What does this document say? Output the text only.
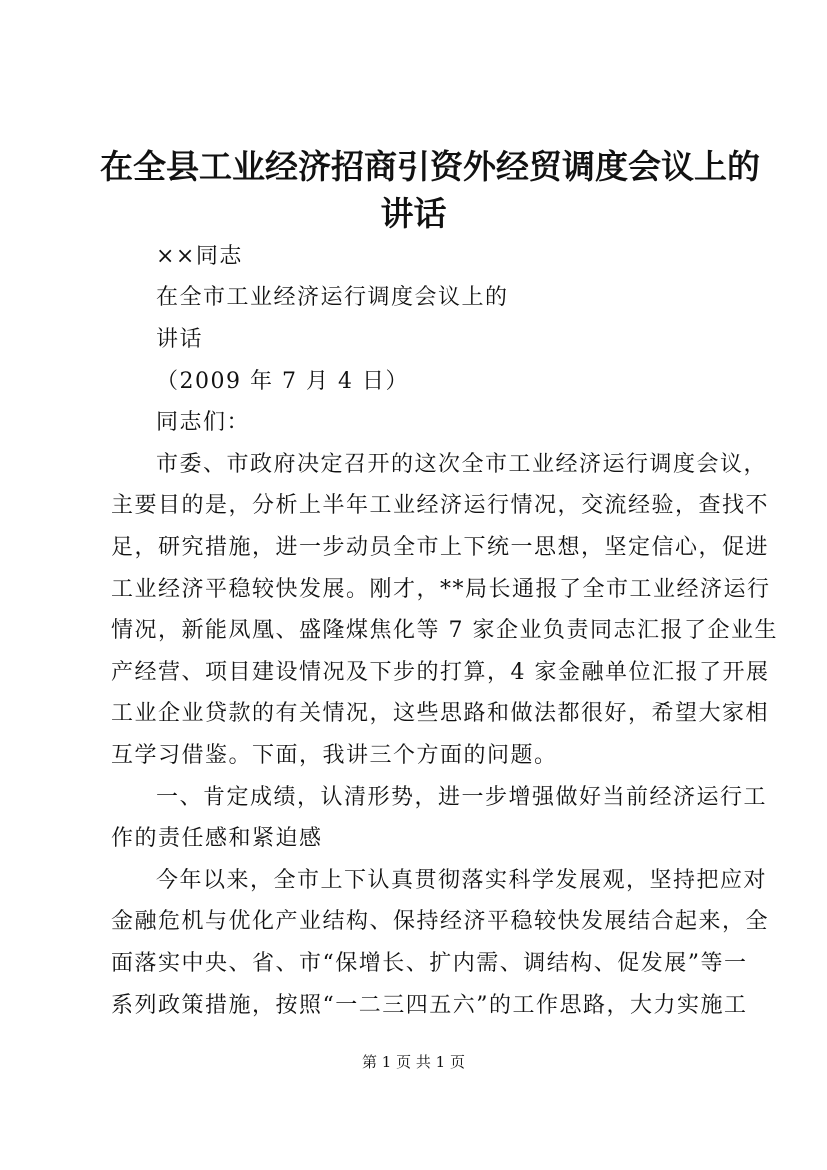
在全县工业经济招商引资外经贸调度会议上的
讲话
××同志
在全市工业经济运行调度会议上的
讲话
（2009 年 7 月 4 日）
同志们：
市委、市政府决定召开的这次全市工业经济运行调度会议，
主要目的是，分析上半年工业经济运行情况，交流经验，查找不
足，研究措施，进一步动员全市上下统一思想，坚定信心，促进
工业经济平稳较快发展。刚才，**局长通报了全市工业经济运行
情况，新能凤凰、盛隆煤焦化等 7 家企业负责同志汇报了企业生
产经营、项目建设情况及下步的打算，4 家金融单位汇报了开展
工业企业贷款的有关情况，这些思路和做法都很好，希望大家相
互学习借鉴。下面，我讲三个方面的问题。
一、肯定成绩，认清形势，进一步增强做好当前经济运行工
作的责任感和紧迫感
今年以来，全市上下认真贯彻落实科学发展观，坚持把应对
金融危机与优化产业结构、保持经济平稳较快发展结合起来，全
面落实中央、省、市“保增长、扩内需、调结构、促发展”等一
系列政策措施，按照“一二三四五六”的工作思路，大力实施工
第 1 页 共 1 页
